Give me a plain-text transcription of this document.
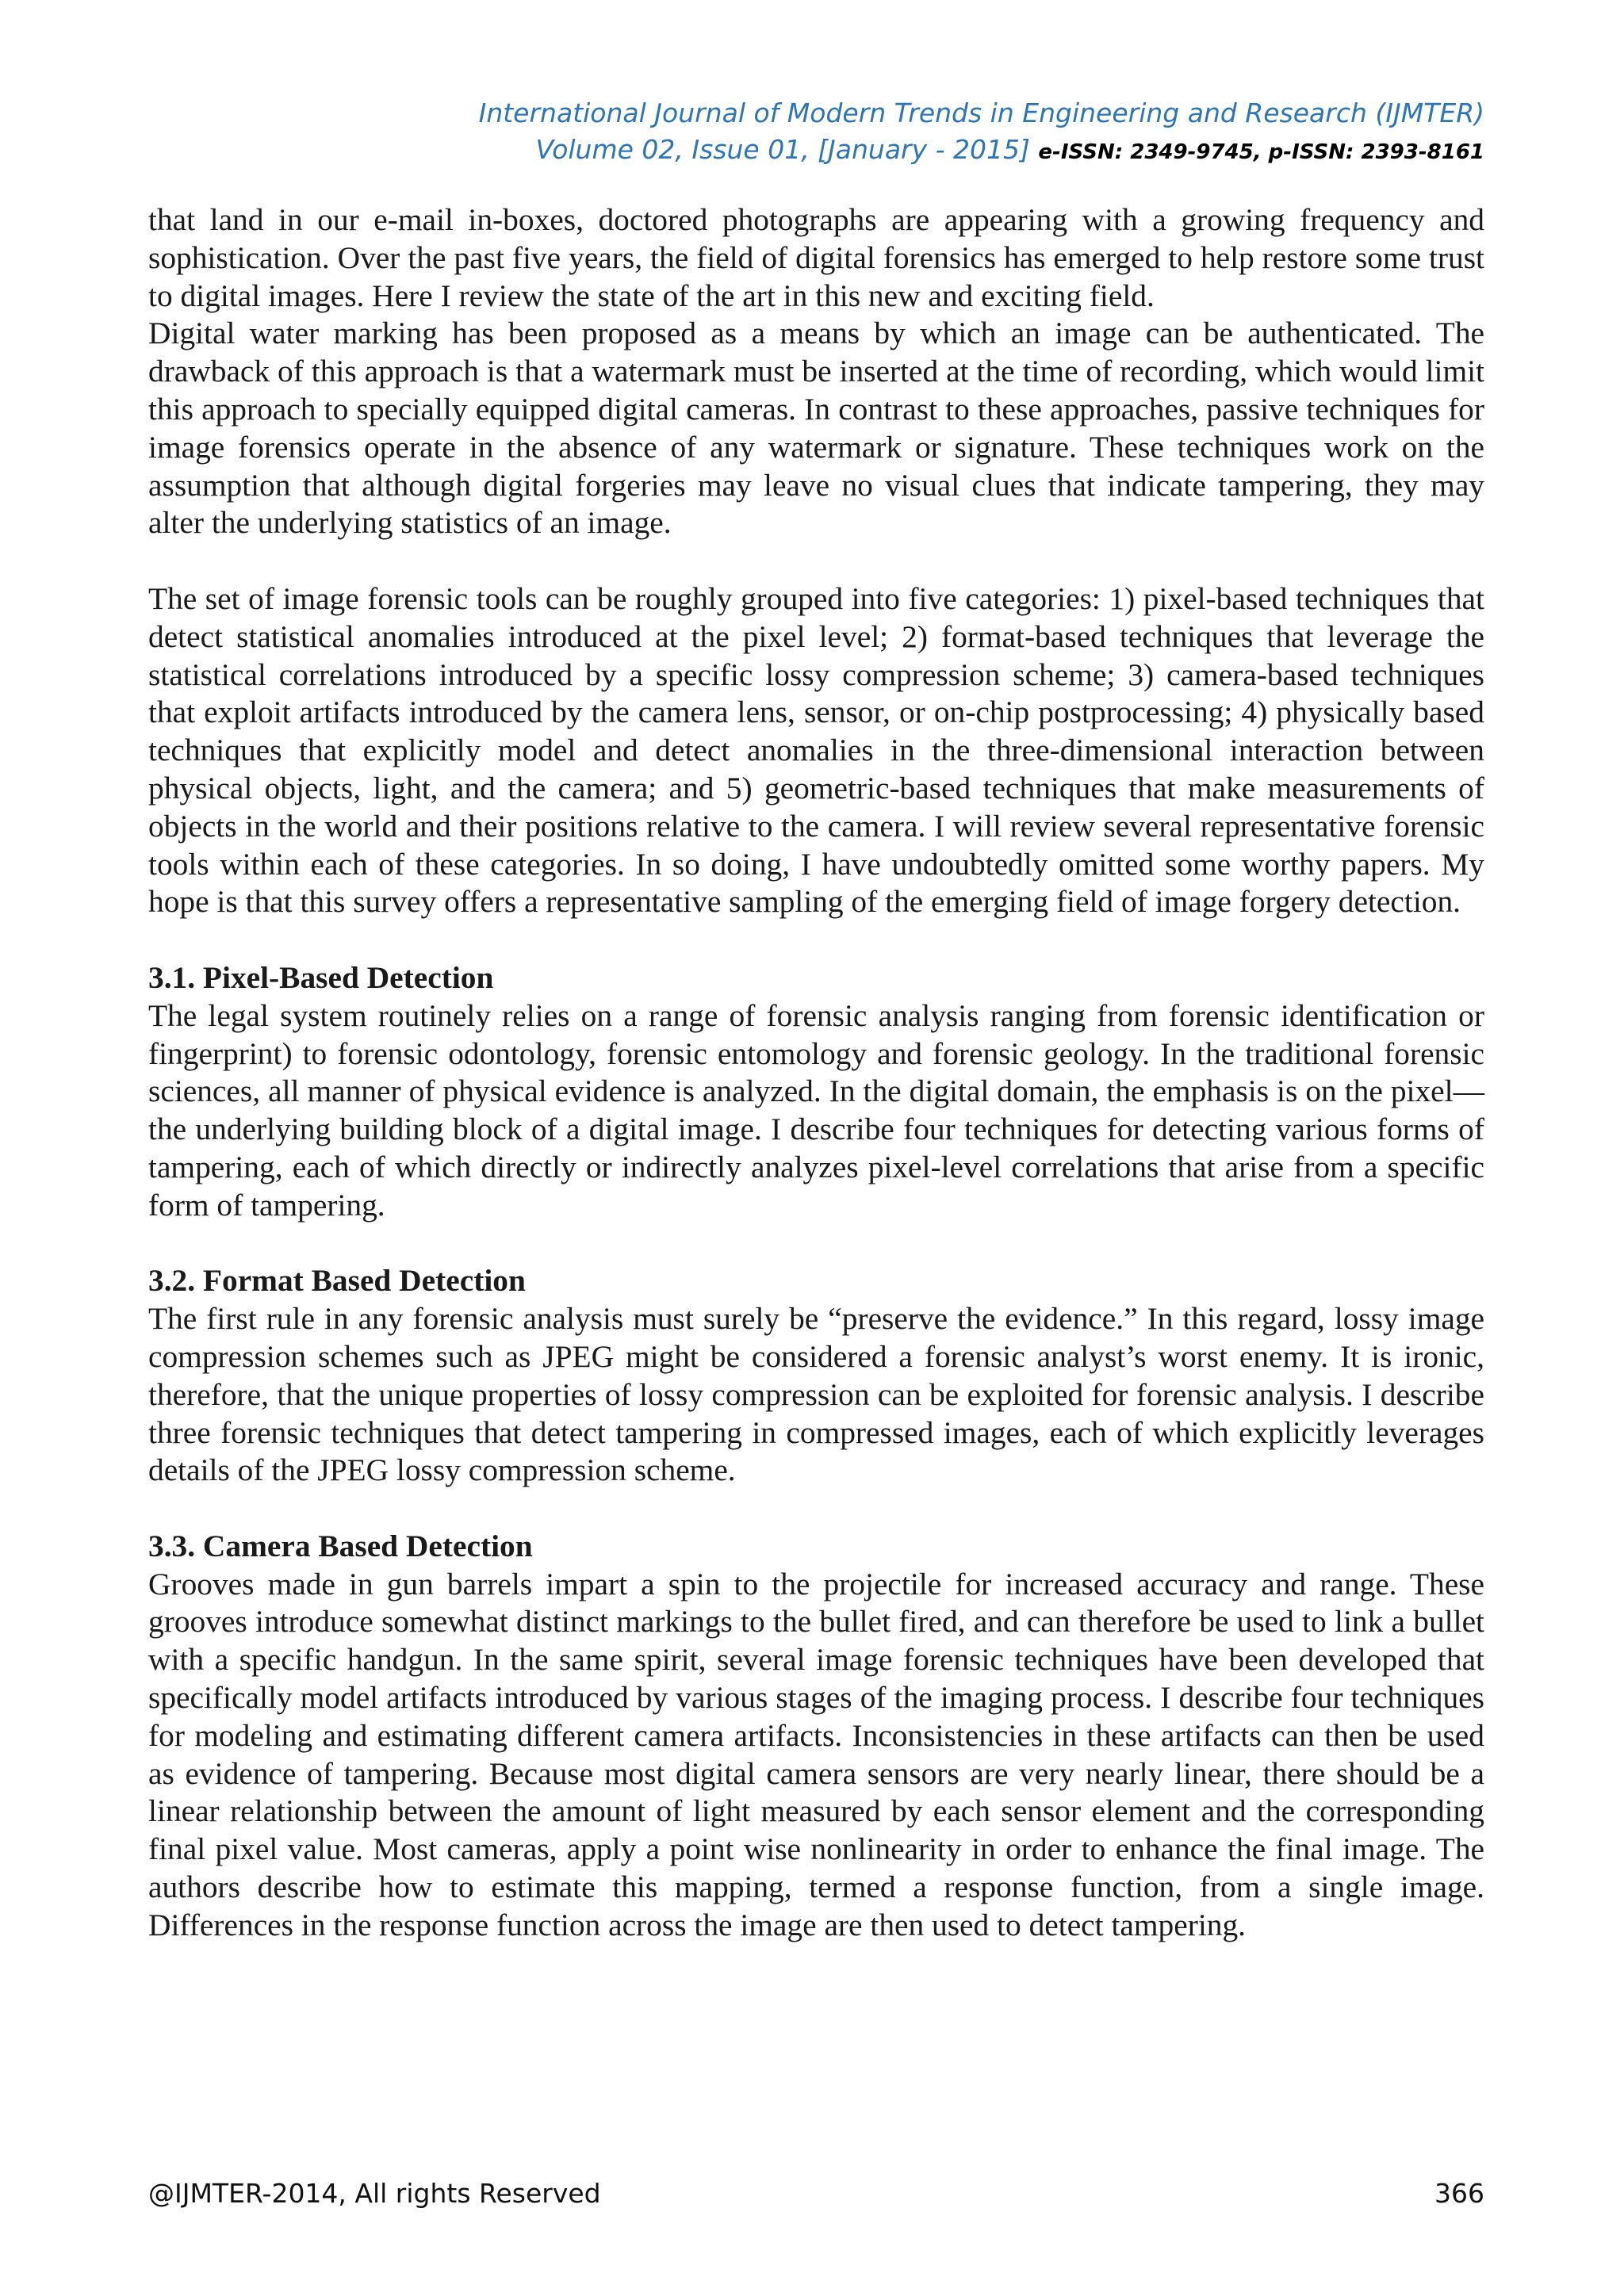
International Journal of Modern Trends in Engineering and Research (IJMTER)
Volume 02, Issue 01, [January - 2015] e-ISSN: 2349-9745, p-ISSN: 2393-8161

that land in our e-mail in-boxes, doctored photographs are appearing with a growing frequency and sophistication. Over the past five years, the field of digital forensics has emerged to help restore some trust to digital images. Here I review the state of the art in this new and exciting field.

Digital water marking has been proposed as a means by which an image can be authenticated. The drawback of this approach is that a watermark must be inserted at the time of recording, which would limit this approach to specially equipped digital cameras. In contrast to these approaches, passive techniques for image forensics operate in the absence of any watermark or signature. These techniques work on the assumption that although digital forgeries may leave no visual clues that indicate tampering, they may alter the underlying statistics of an image.

The set of image forensic tools can be roughly grouped into five categories: 1) pixel-based techniques that detect statistical anomalies introduced at the pixel level; 2) format-based techniques that leverage the statistical correlations introduced by a specific lossy compression scheme; 3) camera-based techniques that exploit artifacts introduced by the camera lens, sensor, or on-chip postprocessing; 4) physically based techniques that explicitly model and detect anomalies in the three-dimensional interaction between physical objects, light, and the camera; and 5) geometric-based techniques that make measurements of objects in the world and their positions relative to the camera. I will review several representative forensic tools within each of these categories. In so doing, I have undoubtedly omitted some worthy papers. My hope is that this survey offers a representative sampling of the emerging field of image forgery detection.

3.1. Pixel-Based Detection

The legal system routinely relies on a range of forensic analysis ranging from forensic identification or fingerprint) to forensic odontology, forensic entomology and forensic geology. In the traditional forensic sciences, all manner of physical evidence is analyzed. In the digital domain, the emphasis is on the pixel—the underlying building block of a digital image. I describe four techniques for detecting various forms of tampering, each of which directly or indirectly analyzes pixel-level correlations that arise from a specific form of tampering.

3.2. Format Based Detection

The first rule in any forensic analysis must surely be “preserve the evidence.” In this regard, lossy image compression schemes such as JPEG might be considered a forensic analyst’s worst enemy. It is ironic, therefore, that the unique properties of lossy compression can be exploited for forensic analysis. I describe three forensic techniques that detect tampering in compressed images, each of which explicitly leverages details of the JPEG lossy compression scheme.

3.3. Camera Based Detection

Grooves made in gun barrels impart a spin to the projectile for increased accuracy and range. These grooves introduce somewhat distinct markings to the bullet fired, and can therefore be used to link a bullet with a specific handgun. In the same spirit, several image forensic techniques have been developed that specifically model artifacts introduced by various stages of the imaging process. I describe four techniques for modeling and estimating different camera artifacts. Inconsistencies in these artifacts can then be used as evidence of tampering. Because most digital camera sensors are very nearly linear, there should be a linear relationship between the amount of light measured by each sensor element and the corresponding final pixel value. Most cameras, apply a point wise nonlinearity in order to enhance the final image. The authors describe how to estimate this mapping, termed a response function, from a single image. Differences in the response function across the image are then used to detect tampering.

@IJMTER-2014, All rights Reserved	366
